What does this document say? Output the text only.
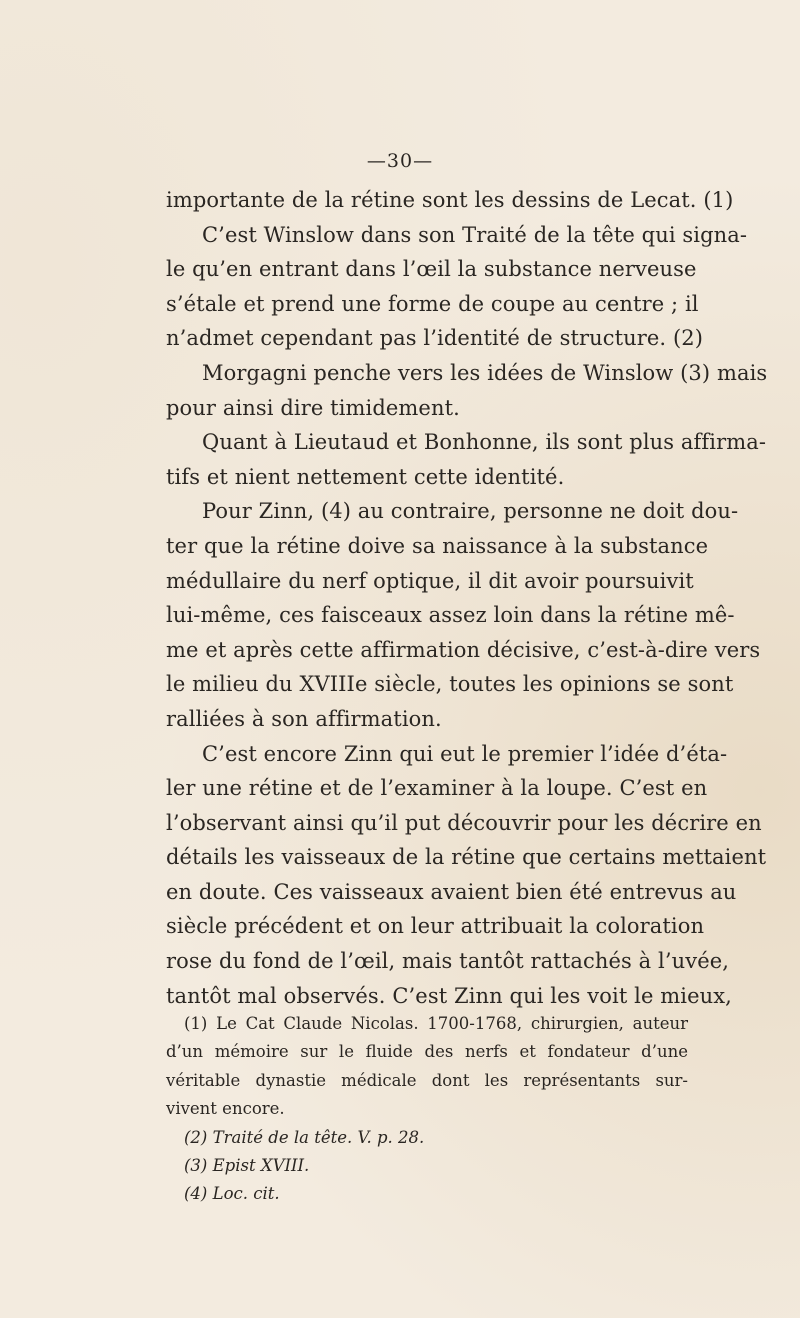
—30—
importante de la rétine sont les dessins de Lecat. (1)
C’est Winslow dans son Traité de la tête qui signa-
le qu’en entrant dans l’œil la substance nerveuse
s’étale et prend une forme de coupe au centre ; il
n’admet cependant pas l’identité de structure. (2)
Morgagni penche vers les idées de Winslow (3) mais
pour ainsi dire timidement.
Quant à Lieutaud et Bonhonne, ils sont plus affirma-
tifs et nient nettement cette identité.
Pour Zinn, (4) au contraire, personne ne doit dou-
ter que la rétine doive sa naissance à la substance
médullaire du nerf optique, il dit avoir poursuivit
lui-même, ces faisceaux assez loin dans la rétine mê-
me et après cette affirmation décisive, c’est-à-dire vers
le milieu du XVIIIe siècle, toutes les opinions se sont
ralliées à son affirmation.
C’est encore Zinn qui eut le premier l’idée d’éta-
ler une rétine et de l’examiner à la loupe. C’est en
l’observant ainsi qu’il put découvrir pour les décrire en
détails les vaisseaux de la rétine que certains mettaient
en doute. Ces vaisseaux avaient bien été entrevus au
siècle précédent et on leur attribuait la coloration
rose du fond de l’œil, mais tantôt rattachés à l’uvée,
tantôt mal observés. C’est Zinn qui les voit le mieux,
(1) Le Cat Claude Nicolas. 1700-1768, chirurgien, auteur
d’un mémoire sur le fluide des nerfs et fondateur d’une
véritable dynastie médicale dont les représentants sur-
vivent encore.
(2) Traité de la tête. V. p. 28.
(3) Epist XVIII.
(4) Loc. cit.
